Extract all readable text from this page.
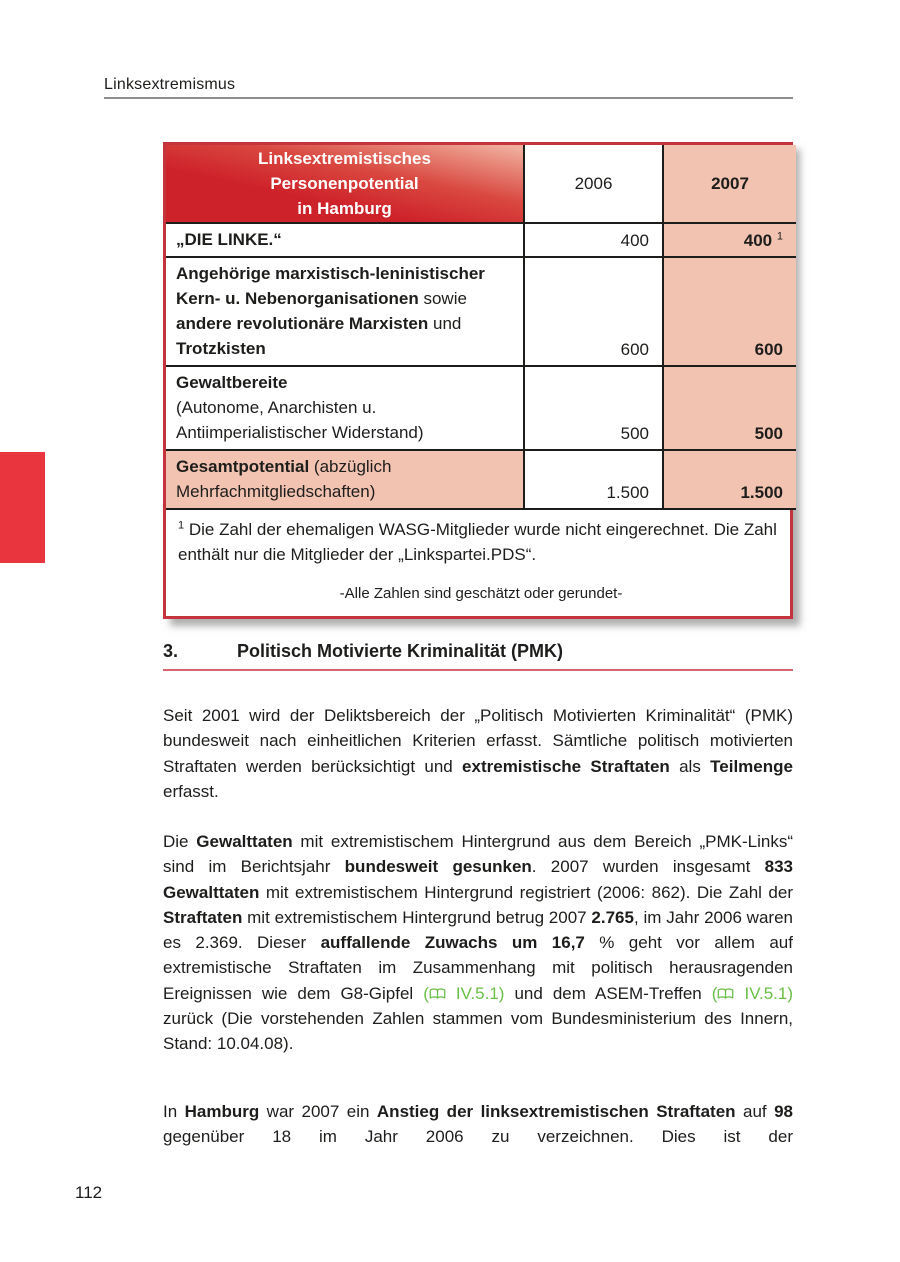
Linksextremismus
Linksextremistisches
Personenpotential
in Hamburg	2006	2007
„DIE LINKE.“	400	400 $^1$
Angehörige marxistisch-leninistischer
Kern- u. Nebenorganisationen sowie
andere revolutionäre Marxisten und
Trotzkisten	600	600
Gewaltbereite
(Autonome, Anarchisten u.
Antiimperialistischer Widerstand)	500	500
Gesamtpotential (abzüglich
Mehrfachmitgliedschaften)	1.500	1.500

$^1$ Die Zahl der ehemaligen WASG-Mitglieder wurde nicht eingerechnet. Die Zahl enthält nur die Mitglieder der „Linkspartei.PDS“.
-Alle Zahlen sind geschätzt oder gerundet-		
3.	Politisch Motivierte Kriminalität (PMK)

Seit 2001 wird der Deliktsbereich der „Politisch Motivierten Kriminalität“ (PMK) bundesweit nach einheitlichen Kriterien erfasst. Sämtliche politisch motivierten Straftaten werden berücksichtigt und extremistische Straftaten als Teilmenge erfasst.

Die Gewalttaten mit extremistischem Hintergrund aus dem Bereich „PMK-Links“ sind im Berichtsjahr bundesweit gesunken. 2007 wurden insgesamt 833 Gewalttaten mit extremistischem Hintergrund registriert (2006: 862). Die Zahl der Straftaten mit extremistischem Hintergrund betrug 2007 2.765, im Jahr 2006 waren es 2.369. Dieser auffallende Zuwachs um 16,7 % geht vor allem auf extremistische Straftaten im Zusammenhang mit politisch herausragenden Ereignissen wie dem G8-Gipfel ( IV.5.1) und dem ASEM-Treffen ( IV.5.1) zurück (Die vorstehenden Zahlen stammen vom Bundesministerium des Innern, Stand: 10.04.08).

In Hamburg war 2007 ein Anstieg der linksextremistischen Straftaten auf 98 gegenüber 18 im Jahr 2006 zu verzeichnen. Dies ist der

112
